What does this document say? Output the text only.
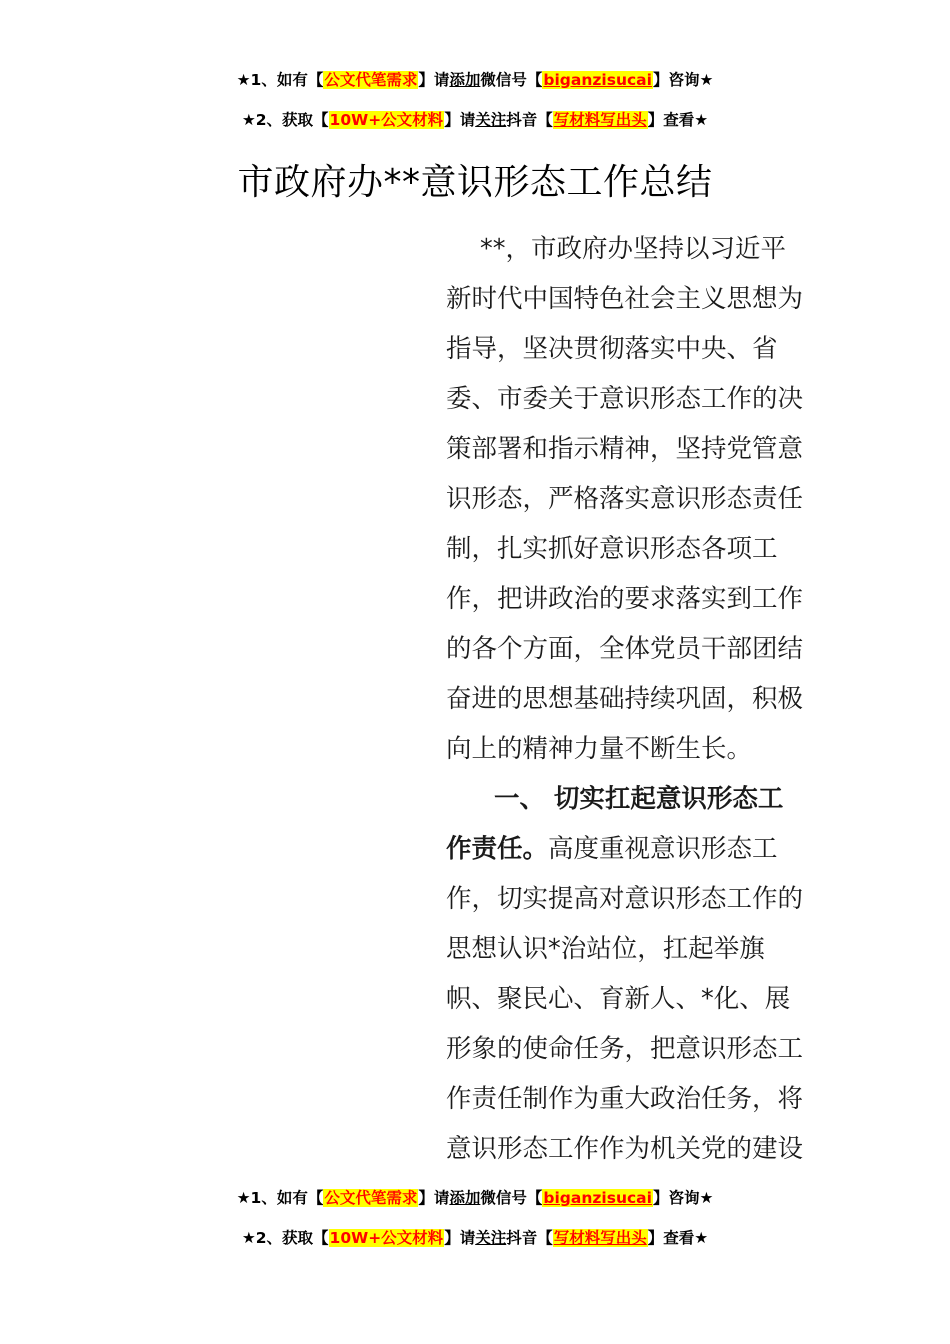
★1、如有【公文代笔需求】请添加微信号【biganzisucai】咨询★
★2、获取【10W+公文材料】请关注抖音【写材料写出头】查看★
市政府办**意识形态工作总结
**，市政府办坚持以习近平
新时代中国特色社会主义思想为
指导，坚决贯彻落实中央、省
委、市委关于意识形态工作的决
策部署和指示精神，坚持党管意
识形态，严格落实意识形态责任
制，扎实抓好意识形态各项工
作，把讲政治的要求落实到工作
的各个方面，全体党员干部团结
奋进的思想基础持续巩固，积极
向上的精神力量不断生长。
一、 切实扛起意识形态工
作责任。高度重视意识形态工
作，切实提高对意识形态工作的
思想认识*治站位，扛起举旗
帜、聚民心、育新人、*化、展
形象的使命任务，把意识形态工
作责任制作为重大政治任务，将
意识形态工作作为机关党的建设
★1、如有【公文代笔需求】请添加微信号【biganzisucai】咨询★
★2、获取【10W+公文材料】请关注抖音【写材料写出头】查看★
